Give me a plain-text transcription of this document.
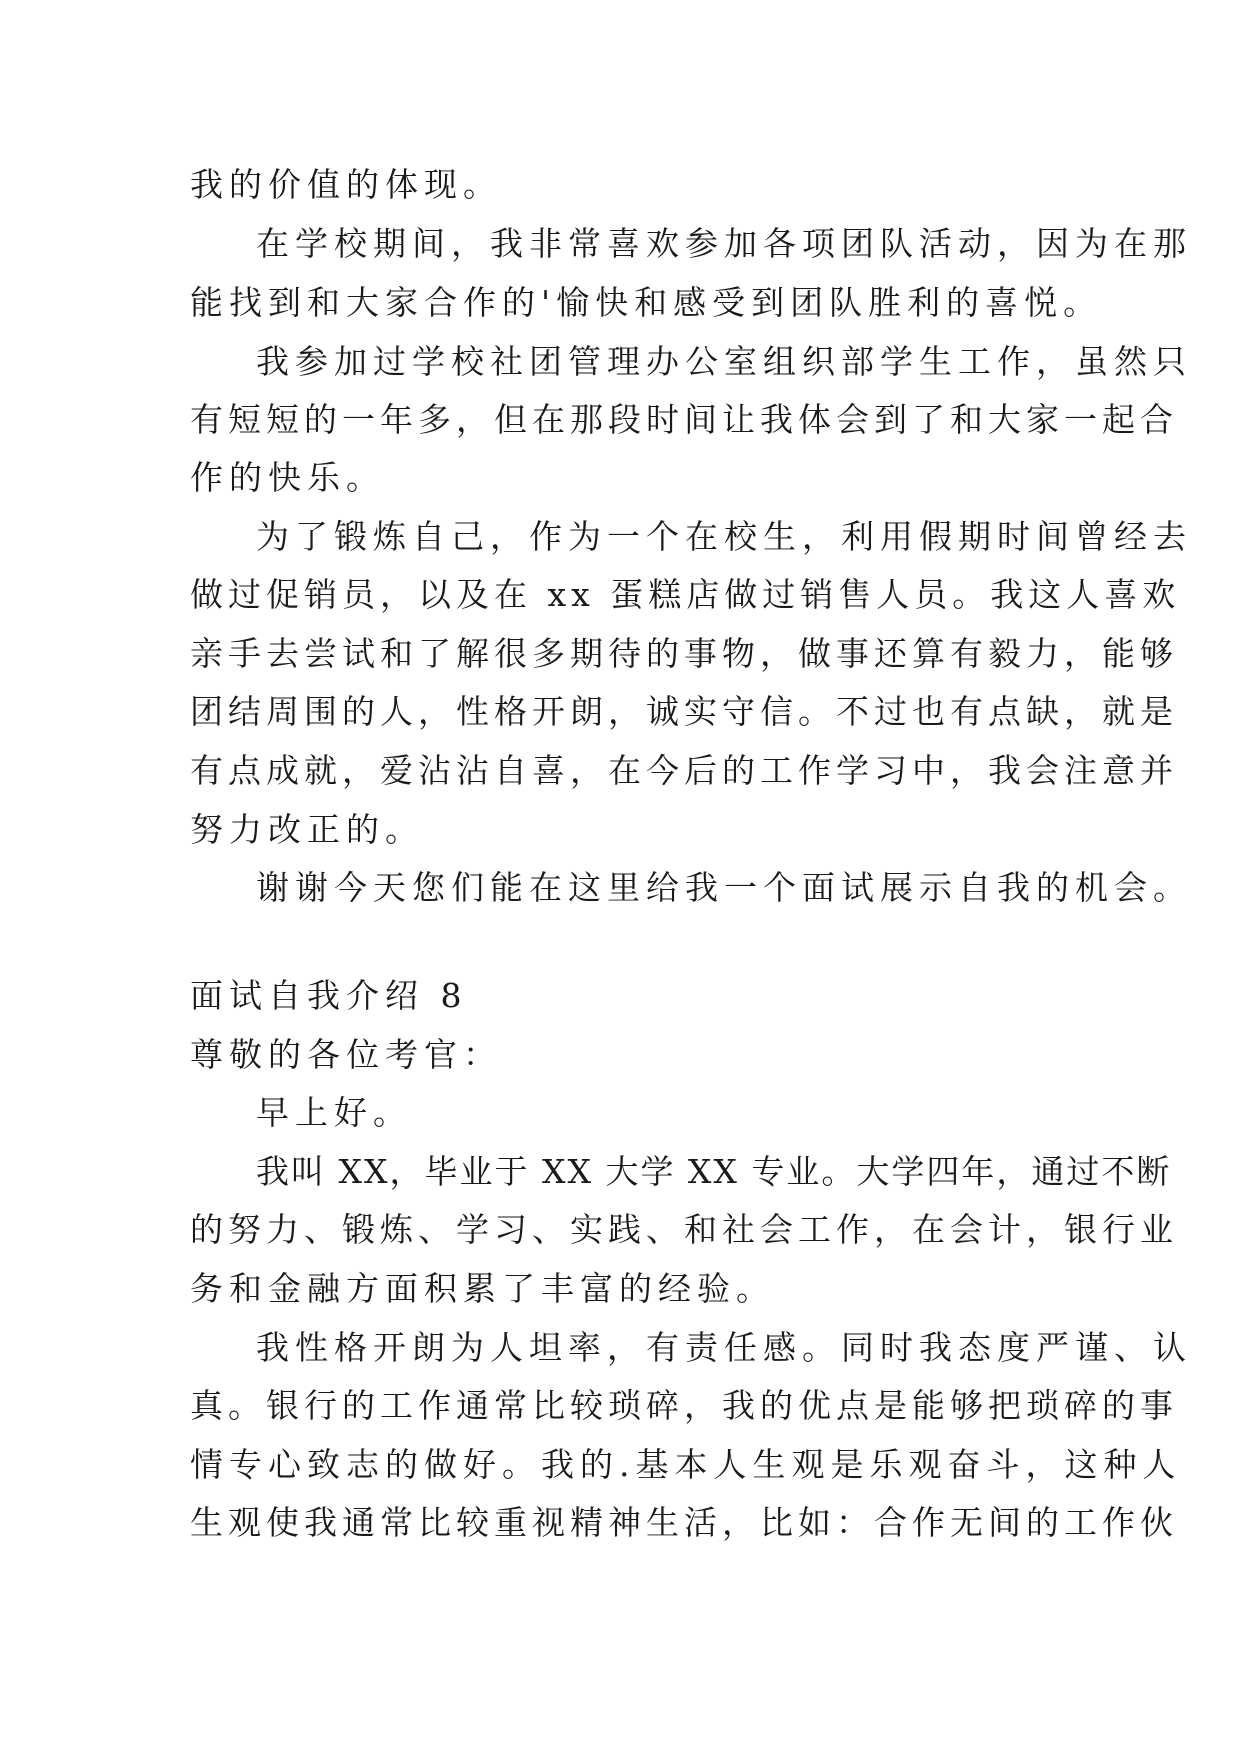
我的价值的体现。
在学校期间，我非常喜欢参加各项团队活动，因为在那
能找到和大家合作的'愉快和感受到团队胜利的喜悦。
我参加过学校社团管理办公室组织部学生工作，虽然只
有短短的一年多，但在那段时间让我体会到了和大家一起合
作的快乐。
为了锻炼自己，作为一个在校生，利用假期时间曾经去
做过促销员，以及在 xx 蛋糕店做过销售人员。我这人喜欢
亲手去尝试和了解很多期待的事物，做事还算有毅力，能够
团结周围的人，性格开朗，诚实守信。不过也有点缺，就是
有点成就，爱沾沾自喜，在今后的工作学习中，我会注意并
努力改正的。
谢谢今天您们能在这里给我一个面试展示自我的机会。
面试自我介绍 8
尊敬的各位考官：
早上好。
我叫 XX，毕业于 XX 大学 XX 专业。大学四年，通过不断
的努力、锻炼、学习、实践、和社会工作，在会计，银行业
务和金融方面积累了丰富的经验。
我性格开朗为人坦率，有责任感。同时我态度严谨、认
真。银行的工作通常比较琐碎，我的优点是能够把琐碎的事
情专心致志的做好。我的.基本人生观是乐观奋斗，这种人
生观使我通常比较重视精神生活，比如：合作无间的工作伙
